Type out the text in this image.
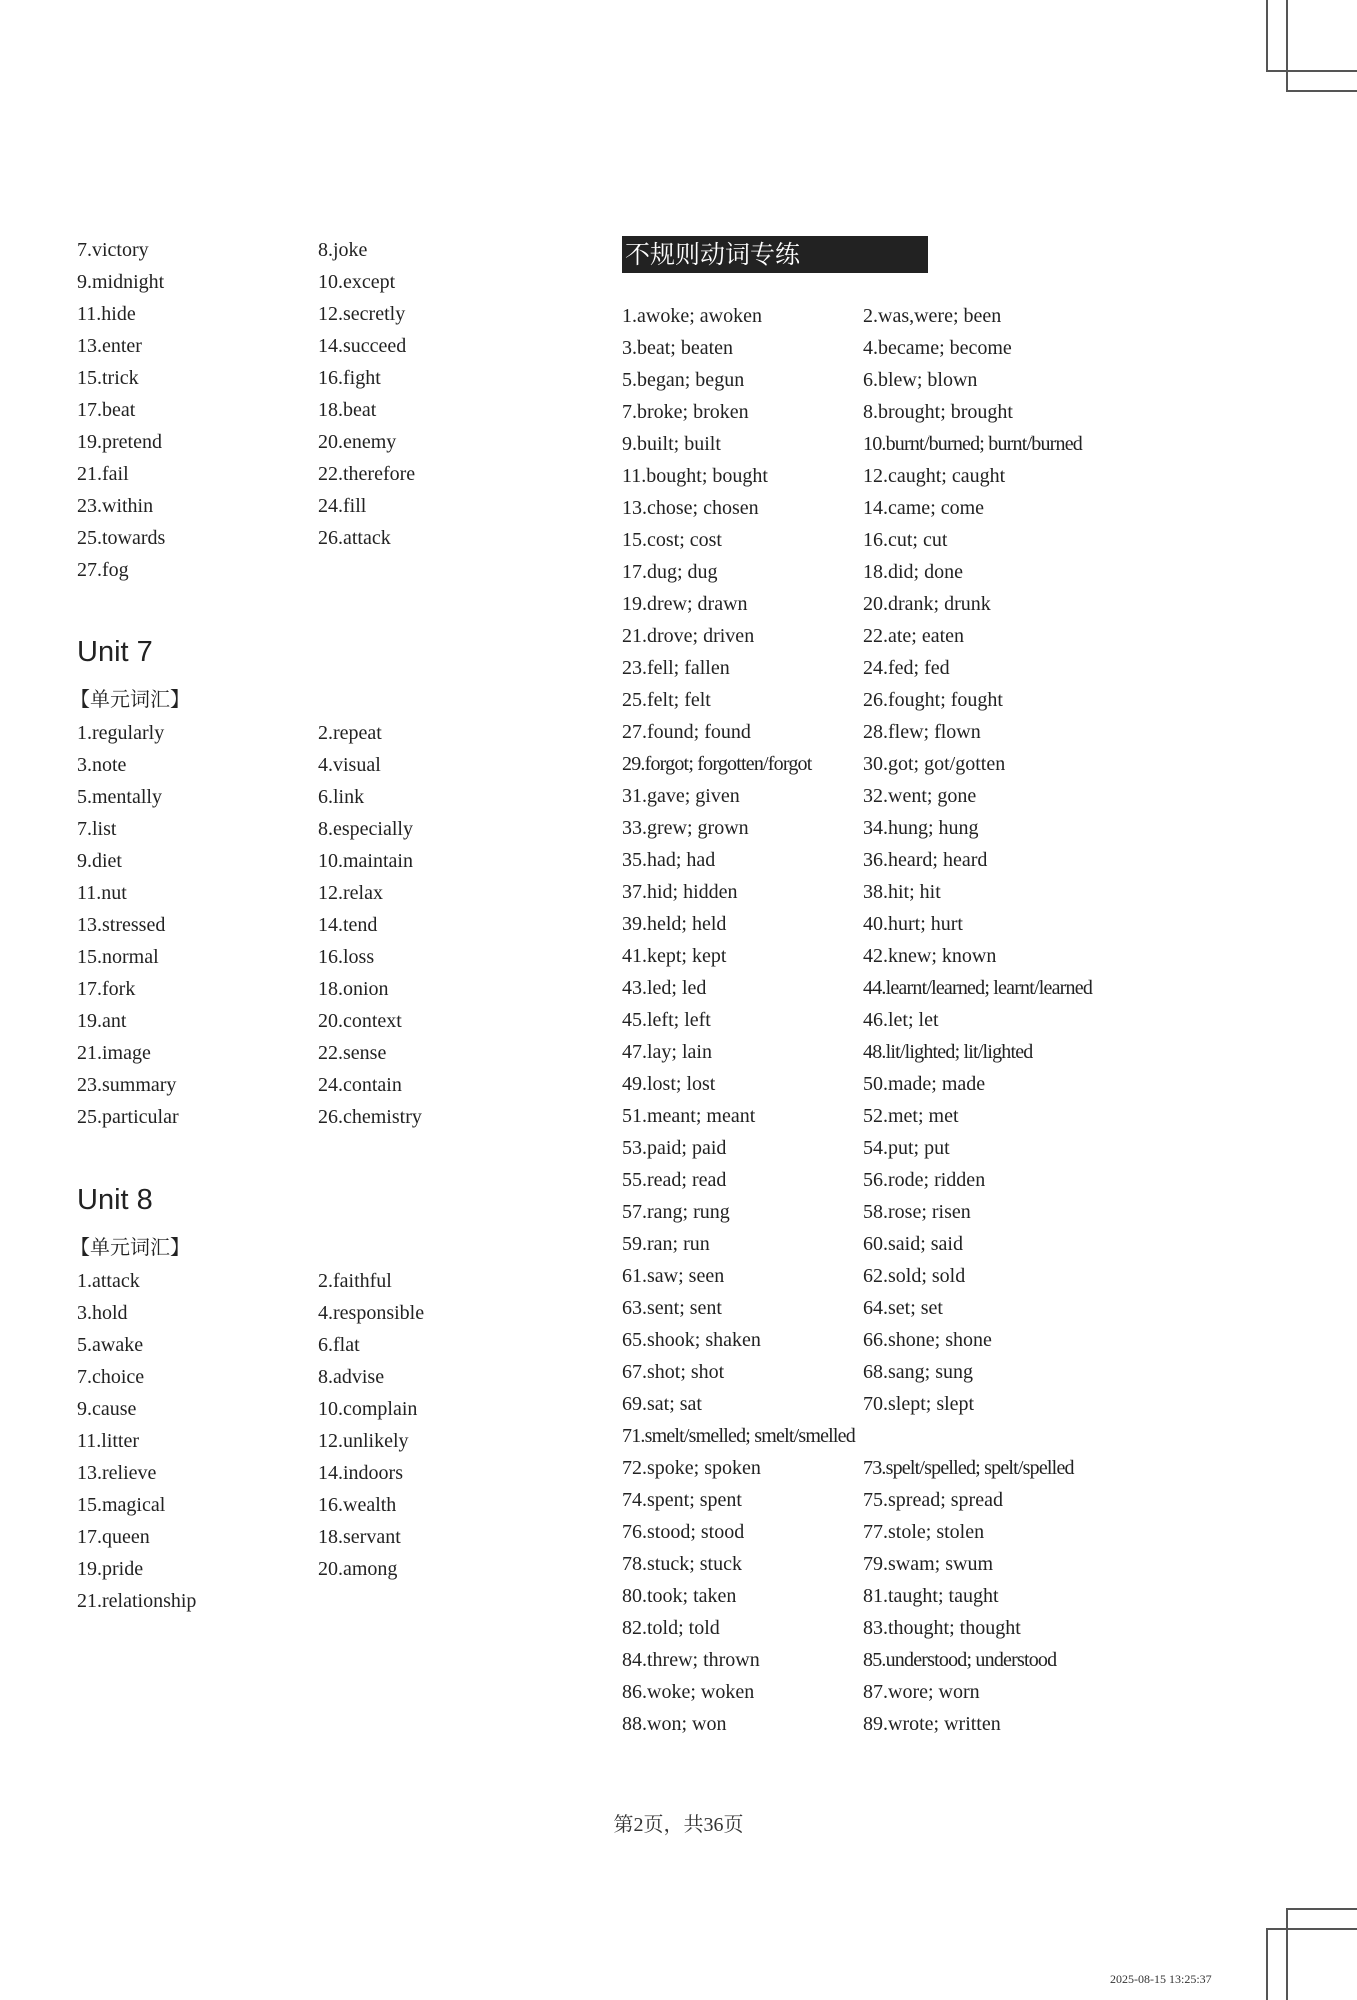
7.victory	8.joke
9.midnight	10.except
11.hide	12.secretly
13.enter	14.succeed
15.trick	16.fight
17.beat	18.beat
19.pretend	20.enemy
21.fail	22.therefore
23.within	24.fill
25.towards	26.attack
27.fog
Unit 7
【单元词汇】
1.regularly	2.repeat
3.note	4.visual
5.mentally	6.link
7.list	8.especially
9.diet	10.maintain
11.nut	12.relax
13.stressed	14.tend
15.normal	16.loss
17.fork	18.onion
19.ant	20.context
21.image	22.sense
23.summary	24.contain
25.particular	26.chemistry
Unit 8
【单元词汇】
1.attack	2.faithful
3.hold	4.responsible
5.awake	6.flat
7.choice	8.advise
9.cause	10.complain
11.litter	12.unlikely
13.relieve	14.indoors
15.magical	16.wealth
17.queen	18.servant
19.pride	20.among
21.relationship
不规则动词专练
1.awoke; awoken	2.was,were; been
3.beat; beaten	4.became; become
5.began; begun	6.blew; blown
7.broke; broken	8.brought; brought
9.built; built	10.burnt/burned; burnt/burned
11.bought; bought	12.caught; caught
13.chose; chosen	14.came; come
15.cost; cost	16.cut; cut
17.dug; dug	18.did; done
19.drew; drawn	20.drank; drunk
21.drove; driven	22.ate; eaten
23.fell; fallen	24.fed; fed
25.felt; felt	26.fought; fought
27.found; found	28.flew; flown
29.forgot; forgotten/forgot	30.got; got/gotten
31.gave; given	32.went; gone
33.grew; grown	34.hung; hung
35.had; had	36.heard; heard
37.hid; hidden	38.hit; hit
39.held; held	40.hurt; hurt
41.kept; kept	42.knew; known
43.led; led	44.learnt/learned; learnt/learned
45.left; left	46.let; let
47.lay; lain	48.lit/lighted; lit/lighted
49.lost; lost	50.made; made
51.meant; meant	52.met; met
53.paid; paid	54.put; put
55.read; read	56.rode; ridden
57.rang; rung	58.rose; risen
59.ran; run	60.said; said
61.saw; seen	62.sold; sold
63.sent; sent	64.set; set
65.shook; shaken	66.shone; shone
67.shot; shot	68.sang; sung
69.sat; sat	70.slept; slept
71.smelt/smelled; smelt/smelled
72.spoke; spoken	73.spelt/spelled; spelt/spelled
74.spent; spent	75.spread; spread
76.stood; stood	77.stole; stolen
78.stuck; stuck	79.swam; swum
80.took; taken	81.taught; taught
82.told; told	83.thought; thought
84.threw; thrown	85.understood; understood
86.woke; woken	87.wore; worn
88.won; won	89.wrote; written
第2页，共36页
2025-08-15 13:25:37
